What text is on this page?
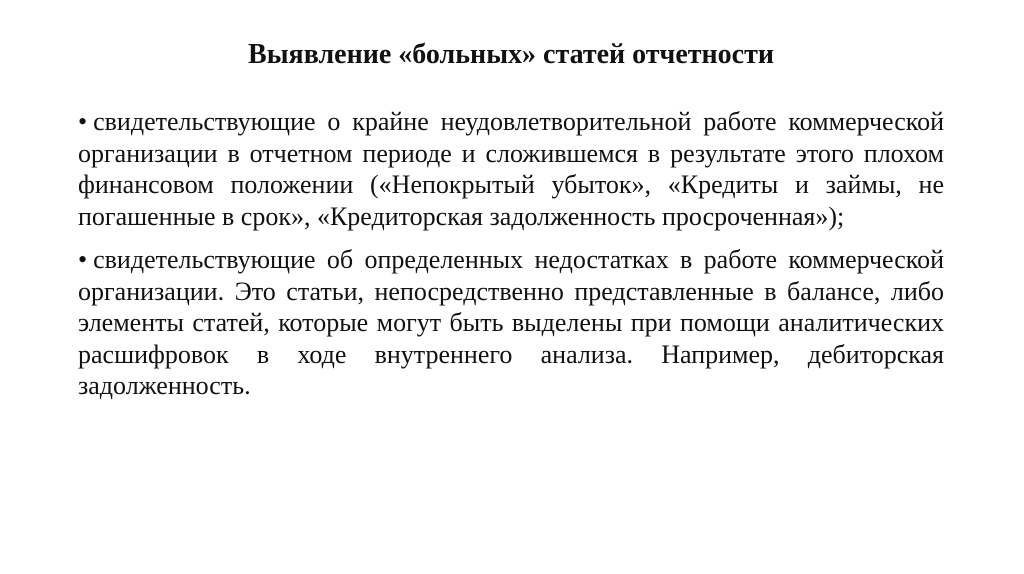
Выявление «больных» статей отчетности
• свидетельствующие о крайне неудовлетворительной работе коммерческой организации в отчетном периоде и сложившемся в результате этого плохом финансовом положении («Непокрытый убыток», «Кредиты и займы, не погашенные в срок», «Кредиторская задолженность просроченная»);
• свидетельствующие об определенных недостатках в работе коммерческой организации. Это статьи, непосредственно представленные в балансе, либо элементы статей, которые могут быть выделены при помощи аналитических расшифровок в ходе внутреннего анализа. Например, дебиторская задолженность.
